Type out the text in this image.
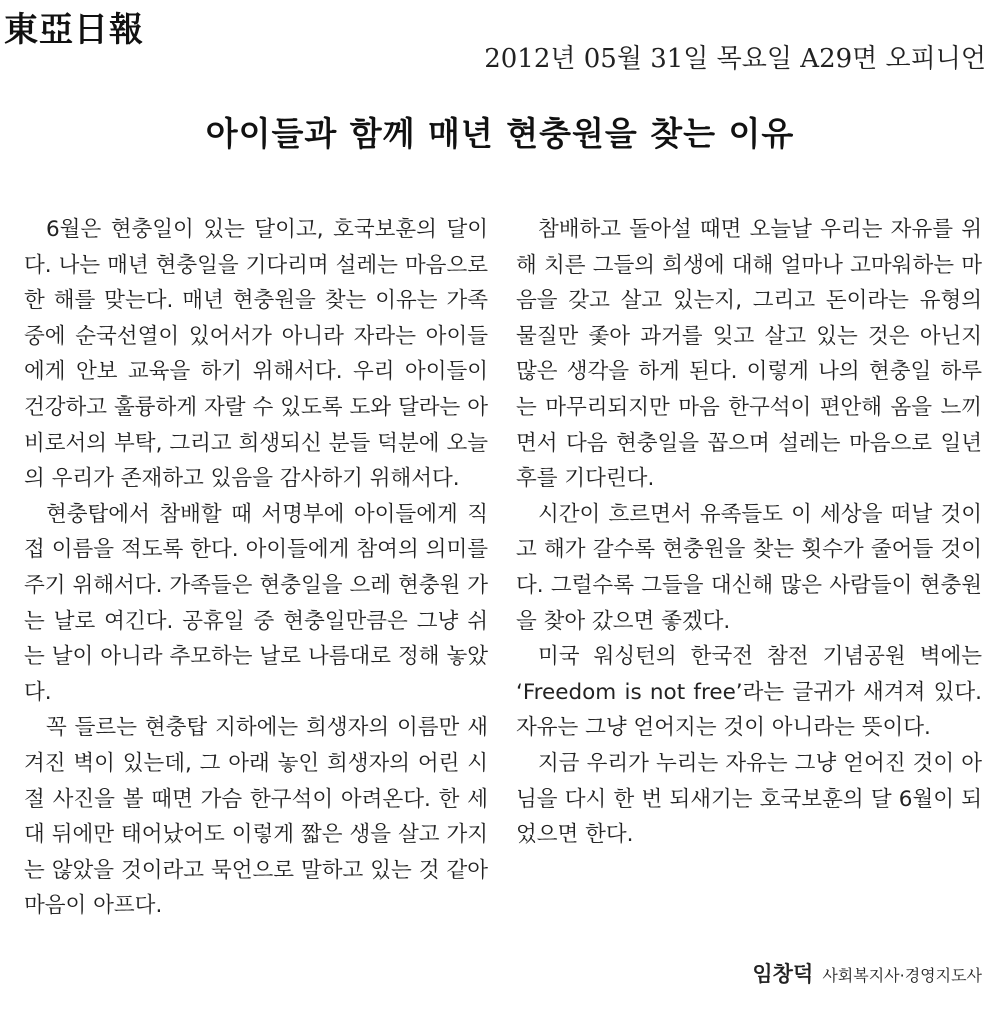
東亞日報
2012년 05월 31일 목요일 A29면 오피니언
아이들과 함께 매년 현충원을 찾는 이유

6월은 현충일이 있는 달이고, 호국보훈의 달이다. 나는 매년 현충일을 기다리며 설레는 마음으로 한 해를 맞는다. 매년 현충원을 찾는 이유는 가족 중에 순국선열이 있어서가 아니라 자라는 아이들에게 안보 교육을 하기 위해서다. 우리 아이들이 건강하고 훌륭하게 자랄 수 있도록 도와 달라는 아비로서의 부탁, 그리고 희생되신 분들 덕분에 오늘의 우리가 존재하고 있음을 감사하기 위해서다.

현충탑에서 참배할 때 서명부에 아이들에게 직접 이름을 적도록 한다. 아이들에게 참여의 의미를 주기 위해서다. 가족들은 현충일을 으레 현충원 가는 날로 여긴다. 공휴일 중 현충일만큼은 그냥 쉬는 날이 아니라 추모하는 날로 나름대로 정해 놓았다.

꼭 들르는 현충탑 지하에는 희생자의 이름만 새겨진 벽이 있는데, 그 아래 놓인 희생자의 어린 시절 사진을 볼 때면 가슴 한구석이 아려온다. 한 세대 뒤에만 태어났어도 이렇게 짧은 생을 살고 가지는 않았을 것이라고 묵언으로 말하고 있는 것 같아 마음이 아프다.

참배하고 돌아설 때면 오늘날 우리는 자유를 위해 치른 그들의 희생에 대해 얼마나 고마워하는 마음을 갖고 살고 있는지, 그리고 돈이라는 유형의 물질만 좇아 과거를 잊고 살고 있는 것은 아닌지 많은 생각을 하게 된다. 이렇게 나의 현충일 하루는 마무리되지만 마음 한구석이 편안해 옴을 느끼면서 다음 현충일을 꼽으며 설레는 마음으로 일년 후를 기다린다.

시간이 흐르면서 유족들도 이 세상을 떠날 것이고 해가 갈수록 현충원을 찾는 횟수가 줄어들 것이다. 그럴수록 그들을 대신해 많은 사람들이 현충원을 찾아 갔으면 좋겠다.

미국 워싱턴의 한국전 참전 기념공원 벽에는 ‘Freedom is not free’라는 글귀가 새겨져 있다. 자유는 그냥 얻어지는 것이 아니라는 뜻이다.

지금 우리가 누리는 자유는 그냥 얻어진 것이 아님을 다시 한 번 되새기는 호국보훈의 달 6월이 되었으면 한다.

임창덕 사회복지사·경영지도사
